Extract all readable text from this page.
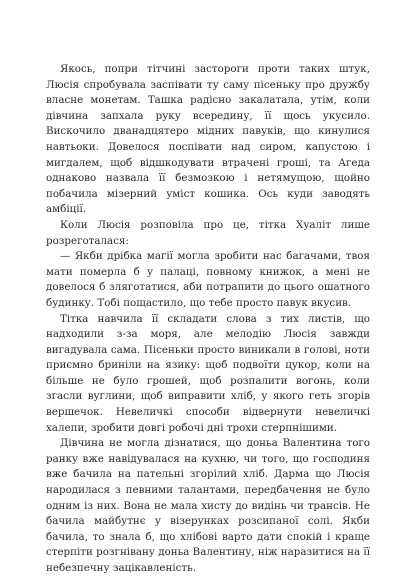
Якось, попри тітчині застороги проти таких штук, Люсія спробувала заспівати ту саму пісеньку про дружбу власне монетам. Ташка радісно закалатала, утім, коли дівчина запхала руку всередину, її щось укусило. Вискочило дванадцятеро мідних павуків, що кинулися навтьоки. Довелося поспівати над сиром, капустою і мигдалем, щоб відшкодувати втрачені гроші, та Агеда однаково назвала її безмозкою і нетямущою, щойно побачила мізерний уміст кошика. Ось куди заводять амбіції.

Коли Люсія розповіла про це, тітка Хуаліт лише розреготалася:

— Якби дрібка магії могла зробити нас багачами, твоя мати померла б у палаці, повному книжок, а мені не довелося б зляготатися, аби потрапити до цього ошатного будинку. Тобі пощастило, що тебе просто павук вкусив.

Тітка навчила її складати слова з тих листів, що надходили з-за моря, але мелодію Люсія завжди вигадувала сама. Пісеньки просто виникали в голові, ноти приємно бриніли на язику: щоб подвоїти цукор, коли на більше не було грошей, щоб розпалити вогонь, коли згасли вуглини, щоб виправити хліб, у якого геть згорів вершечок. Невеличкі способи відвернути невеличкі халепи, зробити довгі робочі дні трохи стерпнішими.

Дівчина не могла дізнатися, що доньа Валентина того ранку вже навідувалася на кухню, чи того, що господиня вже бачила на пательні згорілий хліб. Дарма що Люсія народилася з певними талантами, передбачення не було одним із них. Вона не мала хисту до видінь чи трансів. Не бачила майбутнє у візерунках розсипаної солі. Якби бачила, то знала б, що хлібові варто дати спокій і краще стерпіти розгнівану доньа Валентину, ніж наразитися на її небезпечну зацікавленість.
